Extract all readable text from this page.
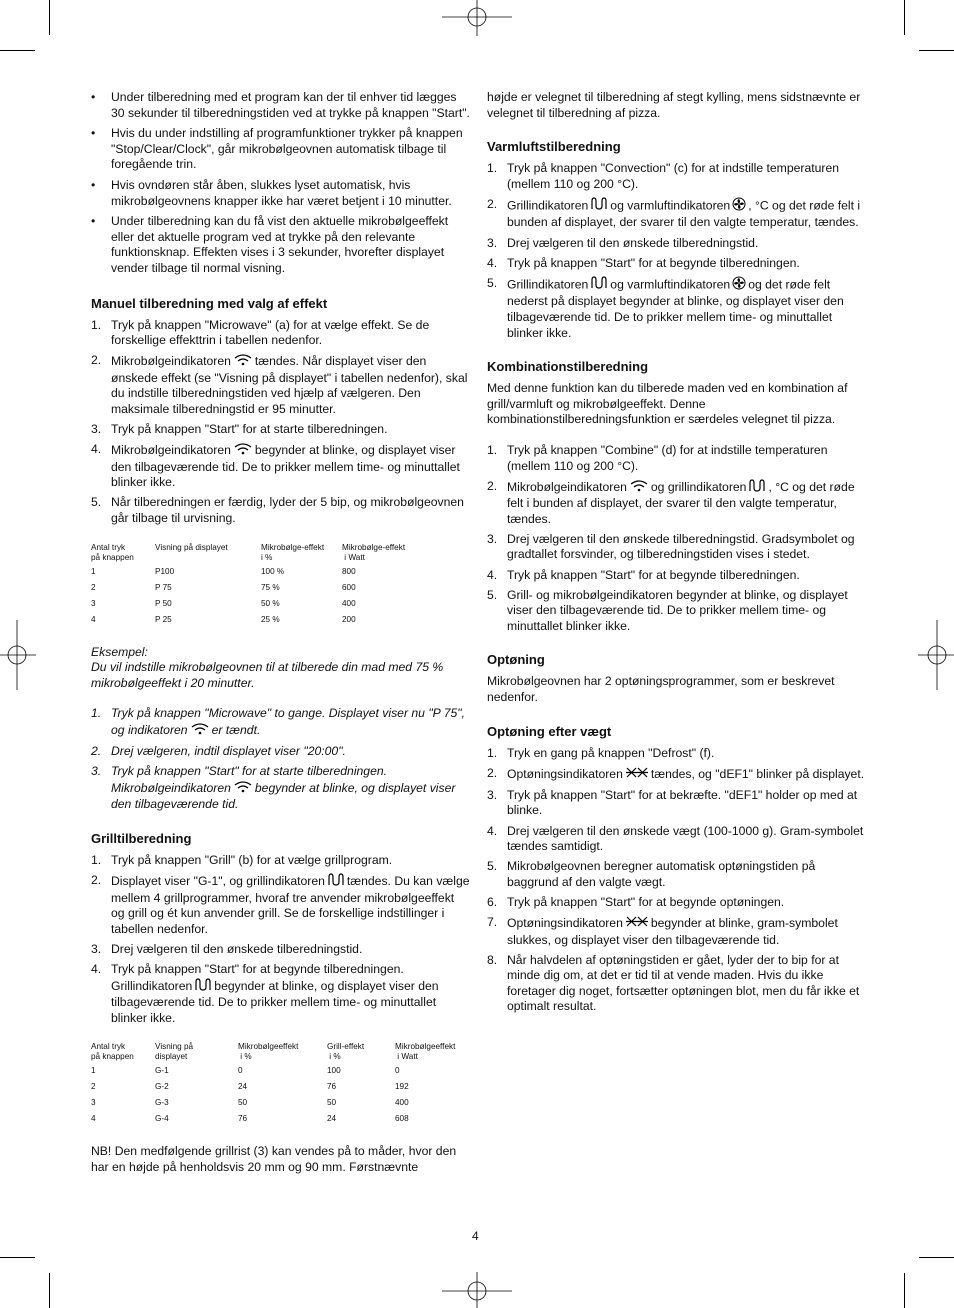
• Under tilberedning med et program kan der til enhver tid lægges 30 sekunder til tilberedningstiden ved at trykke på knappen "Start".
• Hvis du under indstilling af programfunktioner trykker på knappen "Stop/Clear/Clock", går mikrobølgeovnen automatisk tilbage til foregående trin.
• Hvis ovndøren står åben, slukkes lyset automatisk, hvis mikrobølgeovnens knapper ikke har været betjent i 10 minutter.
• Under tilberedning kan du få vist den aktuelle mikrobølgeeffekt eller det aktuelle program ved at trykke på den relevante funktionsknap. Effekten vises i 3 sekunder, hvorefter displayet vender tilbage til normal visning.
Manuel tilberedning med valg af effekt
1. Tryk på knappen "Microwave" (a) for at vælge effekt. Se de forskellige effekttrin i tabellen nedenfor.
2. Mikrobølgeindikatoren tændes. Når displayet viser den ønskede effekt (se "Visning på displayet" i tabellen nedenfor), skal du indstille tilberedningstiden ved hjælp af vælgeren. Den maksimale tilberedningstid er 95 minutter.
3. Tryk på knappen "Start" for at starte tilberedningen.
4. Mikrobølgeindikatoren begynder at blinke, og displayet viser den tilbageværende tid. De to prikker mellem time- og minuttallet blinker ikke.
5. Når tilberedningen er færdig, lyder der 5 bip, og mikrobølgeovnen går tilbage til urvisning.
Antal tryk
på knappen	Visning på displayet	Mikrobølge-effekt
i %	Mikrobølge-effekt
i Watt
1	P100	100 %	800
2	P 75	75 %	600
3	P 50	50 %	400
4	P 25	25 %	200

Eksempel:

Du vil indstille mikrobølgeovnen til at tilberede din mad med 75 % mikrobølgeeffekt i 20 minutter.

1. Tryk på knappen "Microwave" to gange. Displayet viser nu "P 75", og indikatoren er tændt.
2. Drej vælgeren, indtil displayet viser "20:00".
3. Tryk på knappen "Start" for at starte tilberedningen. Mikrobølgeindikatoren begynder at blinke, og displayet viser den tilbageværende tid.
Grilltilberedning
1. Tryk på knappen "Grill" (b) for at vælge grillprogram.
2. Displayet viser "G-1", og grillindikatoren tændes. Du kan vælge mellem 4 grillprogrammer, hvoraf tre anvender mikrobølgeeffekt og grill og ét kun anvender grill. Se de forskellige indstillinger i tabellen nedenfor.
3. Drej vælgeren til den ønskede tilberedningstid.
4. Tryk på knappen "Start" for at begynde tilberedningen. Grillindikatoren begynder at blinke, og displayet viser den tilbageværende tid. De to prikker mellem time- og minuttallet blinker ikke.
Antal tryk
på knappen	Visning på
displayet	Mikrobølgeeffekt
i %	Grill-effekt
i %	Mikrobølgeeffekt
i Watt
1	G-1	0	100	0
2	G-2	24	76	192
3	G-3	50	50	400
4	G-4	76	24	608

NB! Den medfølgende grillrist (3) kan vendes på to måder, hvor den har en højde på henholdsvis 20 mm og 90 mm. Førstnævnte

højde er velegnet til tilberedning af stegt kylling, mens sidstnævnte er velegnet til tilberedning af pizza.

Varmluftstilberedning
1. Tryk på knappen "Convection" (c) for at indstille temperaturen (mellem 110 og 200 °C).
2. Grillindikatoren og varmluftindikatoren , °C og det røde felt i bunden af displayet, der svarer til den valgte temperatur, tændes.
3. Drej vælgeren til den ønskede tilberedningstid.
4. Tryk på knappen "Start" for at begynde tilberedningen.
5. Grillindikatoren og varmluftindikatoren og det røde felt nederst på displayet begynder at blinke, og displayet viser den tilbageværende tid. De to prikker mellem time- og minuttallet blinker ikke.
Kombinationstilberedning

Med denne funktion kan du tilberede maden ved en kombination af grill/varmluft og mikrobølgeeffekt. Denne kombinationstilberedningsfunktion er særdeles velegnet til pizza.

1. Tryk på knappen "Combine" (d) for at indstille temperaturen (mellem 110 og 200 °C).
2. Mikrobølgeindikatoren og grillindikatoren , °C og det røde felt i bunden af displayet, der svarer til den valgte temperatur, tændes.
3. Drej vælgeren til den ønskede tilberedningstid. Gradsymbolet og gradtallet forsvinder, og tilberedningstiden vises i stedet.
4. Tryk på knappen "Start" for at begynde tilberedningen.
5. Grill- og mikrobølgeindikatoren begynder at blinke, og displayet viser den tilbageværende tid. De to prikker mellem time- og minuttallet blinker ikke.
Optøning

Mikrobølgeovnen har 2 optøningsprogrammer, som er beskrevet nedenfor.

Optøning efter vægt
1. Tryk en gang på knappen "Defrost" (f).
2. Optøningsindikatoren tændes, og "dEF1" blinker på displayet.
3. Tryk på knappen "Start" for at bekræfte. "dEF1" holder op med at blinke.
4. Drej vælgeren til den ønskede vægt (100-1000 g). Gram-symbolet tændes samtidigt.
5. Mikrobølgeovnen beregner automatisk optøningstiden på baggrund af den valgte vægt.
6. Tryk på knappen "Start" for at begynde optøningen.
7. Optøningsindikatoren begynder at blinke, gram-symbolet slukkes, og displayet viser den tilbageværende tid.
8. Når halvdelen af optøningstiden er gået, lyder der to bip for at minde dig om, at det er tid til at vende maden. Hvis du ikke foretager dig noget, fortsætter optøningen blot, men du får ikke et optimalt resultat.
4
